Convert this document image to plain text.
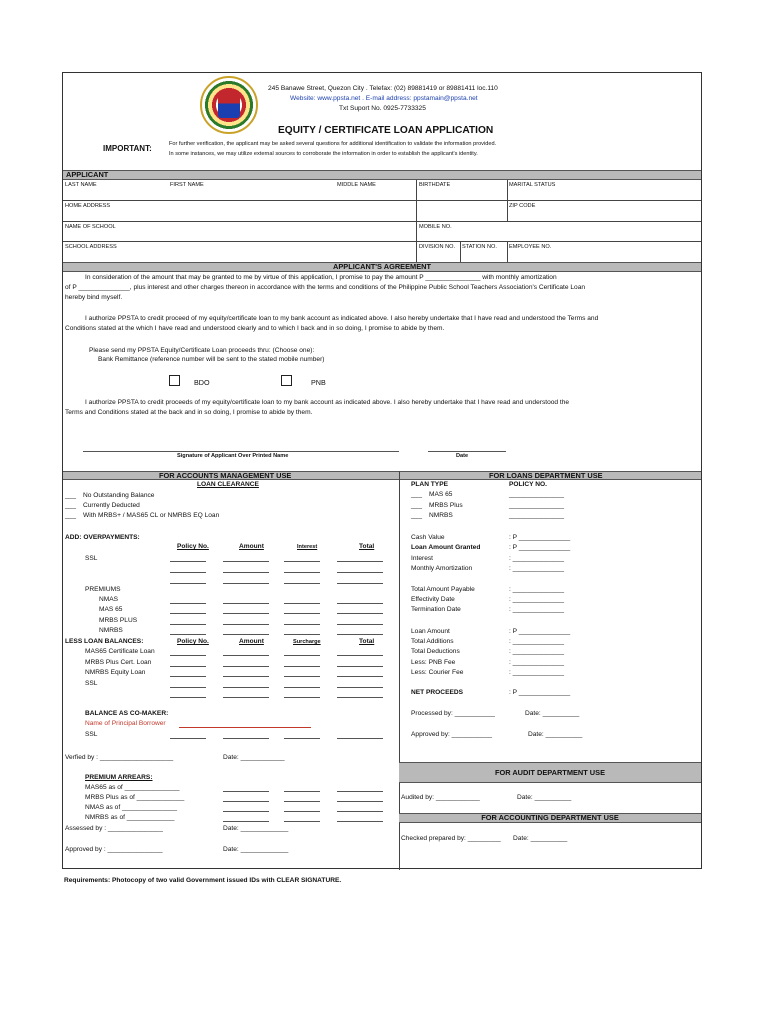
245 Banawe Street, Quezon City . Telefax: (02) 89881419 or 89881411 loc.110
Website: www.ppsta.net . E-mail address: ppstamain@ppsta.net
Txt Suport No. 0925-7733325
EQUITY / CERTIFICATE LOAN APPLICATION
IMPORTANT:	For further verification, the applicant may be asked several questions for additional identification to validate the information provided.
In some instances, we may utilize external sources to corroborate the information in order to establish the applicant's identity.
APPLICANT
LAST NAME	FIRST NAME	MIDDLE NAME	BIRTHDATE	MARITAL STATUS
HOME ADDRESS	ZIP CODE
NAME OF SCHOOL	MOBILE NO.
SCHOOL ADDRESS	DIVISION NO. STATION NO. EMPLOYEE NO.
APPLICANT'S AGREEMENT
In consideration of the amount that may be granted to me by virtue of this application, I promise to pay the amount P _______________ with monthly amortization
of P ______________, plus interest and other charges thereon in accordance with the terms and conditions of the Philippine Public School Teachers Association's Certificate Loan
hereby bind myself.
I authorize PPSTA to credit proceed of my equity/certificate loan to my bank account as indicated above. I also hereby undertake that I have read and understood the Terms and
Conditions stated at the which I have read and understood clearly and to which I back and in so doing, I promise to abide by them.
Please send my PPSTA Equity/Certificate Loan proceeds thru: (Choose one):
Bank Remittance (reference number will be sent to the stated mobile number)
BDO	PNB
I authorize PPSTA to credit proceeds of my equity/certificate loan to my bank account as indicated above. I also hereby undertake that I have read and understood the
Terms and Conditions stated at the back and in so doing, I promise to abide by them.
Signature of Applicant Over Printed Name	Date
FOR ACCOUNTS MANAGEMENT USE	FOR LOANS DEPARTMENT USE
LOAN CLEARANCE
___ No Outstanding Balance
___ Currently Deducted
___ With MRBS+ / MAS65 CL or NMRBS EQ Loan
ADD: OVERPAYMENTS:
Policy No.	Amount	Interest	Total
SSL
PREMIUMS
NMAS
MAS 65
MRBS PLUS
NMRBS
LESS LOAN BALANCES:	Policy No.	Amount	Surcharge	Total
MAS65 Certificate Loan
MRBS Plus Cert. Loan
NMRBS Equity Loan
SSL
BALANCE AS CO-MAKER:
Name of Principal Borrower
SSL
Verfied by : ____________________	Date: ____________
PREMIUM ARREARS:
MAS65 as of _______________
MRBS Plus as of _____________
NMAS as of _______________
NMRBS as of _____________
Assessed by : _______________	Date: _____________
Approved by : _______________	Date: _____________
PLAN TYPE	POLICY NO.
___ MAS 65	_______________
___ MRBS Plus	_______________
___ NMRBS	_______________
Cash Value	: P ______________
Loan Amount Granted	: P ______________
Interest	: ______________
Monthly Amortization	: ______________
Total Amount Payable	: ______________
Effectivity Date	: ______________
Termination Date	: ______________
Loan Amount	: P ______________
Total Additions	: ______________
Total Deductions	: ______________
Less: PNB Fee	: ______________
Less: Courier Fee	: ______________
NET PROCEEDS	: P ______________
Processed by: ___________	Date: __________
Approved by: ___________	Date: __________
FOR AUDIT DEPARTMENT USE
Audited by: ____________	Date: __________
FOR ACCOUNTING DEPARTMENT USE
Checked prepared by: _________ Date: __________
Requirements: Photocopy of two valid Government issued IDs with CLEAR SIGNATURE.
